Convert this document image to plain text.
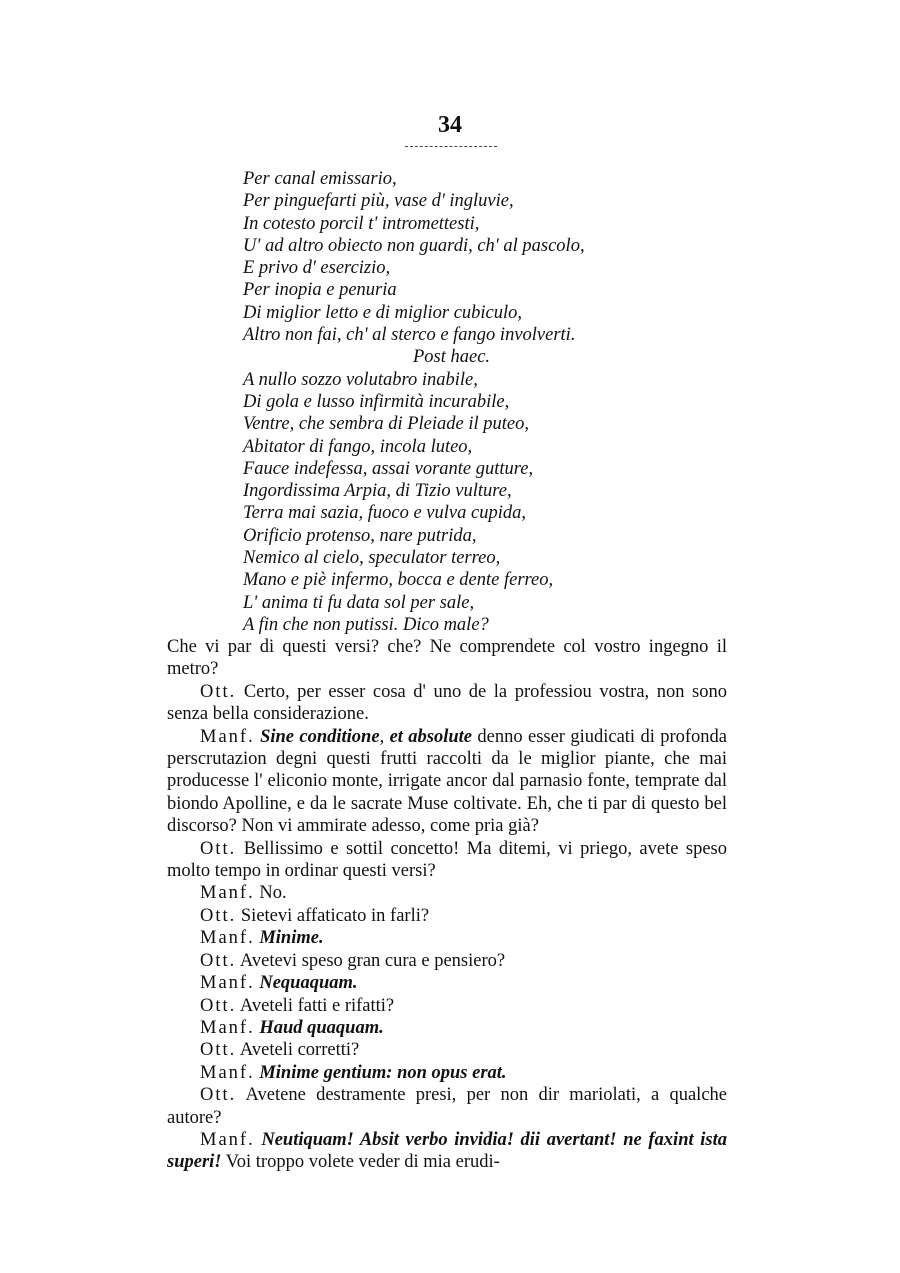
34
Per canal emissario,
Per pinguefarti più, vase d' ingluvie,
In cotesto porcil t' intromettesti,
U' ad altro obiecto non guardi, ch' al pascolo,
E privo d' esercizio,
Per inopia e penuria
Di miglior letto e di miglior cubiculo,
Altro non fai, ch' al sterco e fango involverti.
Post haec.
A nullo sozzo volutabro inabile,
Di gola e lusso infirmità incurabile,
Ventre, che sembra di Pleiade il puteo,
Abitator di fango, incola luteo,
Fauce indefessa, assai vorante gutture,
Ingordissima Arpia, di Tizio vulture,
Terra mai sazia, fuoco e vulva cupida,
Orificio protenso, nare putrida,
Nemico al cielo, speculator terreo,
Mano e piè infermo, bocca e dente ferreo,
L' anima ti fu data sol per sale,
A fin che non putissi. Dico male?

Che vi par di questi versi? che? Ne comprendete col vostro ingegno il metro?

Ott. Certo, per esser cosa d' uno de la professiou vostra, non sono senza bella considerazione.

Manf. Sine conditione, et absolute denno esser giudicati di profonda perscrutazion degni questi frutti raccolti da le miglior piante, che mai producesse l' eliconio monte, irrigate ancor dal parnasio fonte, temprate dal biondo Apolline, e da le sacrate Muse coltivate. Eh, che ti par di questo bel discorso? Non vi ammirate adesso, come pria già?

Ott. Bellissimo e sottil concetto! Ma ditemi, vi priego, avete speso molto tempo in ordinar questi versi?

Manf. No.

Ott. Sietevi affaticato in farli?

Manf. Minime.

Ott. Avetevi speso gran cura e pensiero?

Manf. Nequaquam.

Ott. Aveteli fatti e rifatti?

Manf. Haud quaquam.

Ott. Aveteli corretti?

Manf. Minime gentium: non opus erat.

Ott. Avetene destramente presi, per non dir mariolati, a qualche autore?

Manf. Neutiquam! Absit verbo invidia! dii avertant! ne faxint ista superi! Voi troppo volete veder di mia erudi-
